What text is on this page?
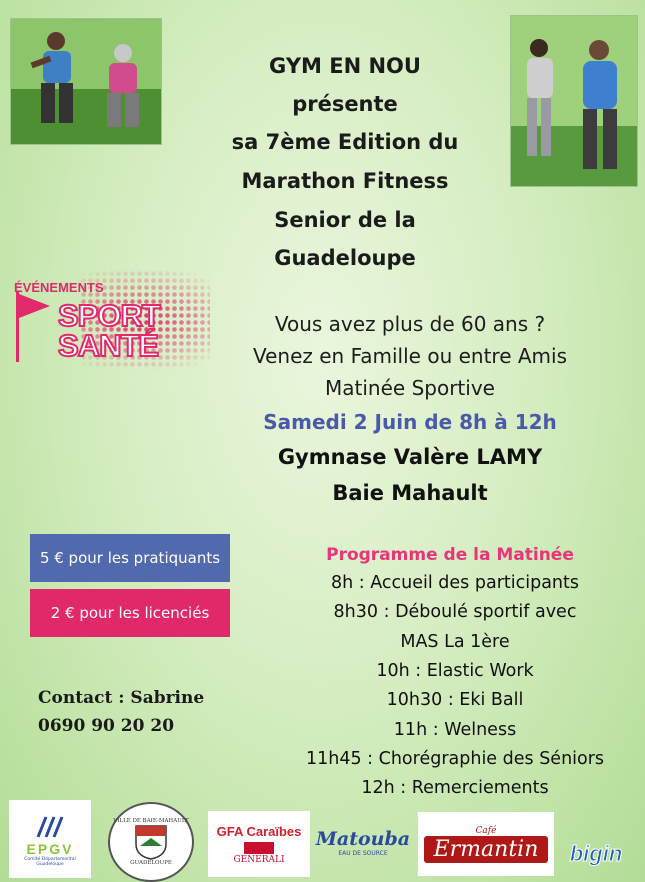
GYM EN NOU
présente
sa 7ème Edition du
Marathon Fitness
Senior de la
Guadeloupe
ÉVÉNEMENTS
SPORT
SANTÉ
Vous avez plus de 60 ans ?
Venez en Famille ou entre Amis
Matinée Sportive
Samedi 2 Juin de 8h à 12h
Gymnase Valère LAMY
Baie Mahault
5 € pour les pratiquants
2 € pour les licenciés
Contact : Sabrine
0690 90 20 20
Programme de la Matinée
8h : Accueil des participants
8h30 : Déboulé sportif avec
MAS La 1ère
10h : Elastic Work
10h30 : Eki Ball
11h : Welness
11h45 : Chorégraphie des Séniors
12h : Remerciements
EPGV
Comité Départemental Guadeloupe
VILLE DE BAIE-MAHAULT
GUADELOUPE
GFA Caraïbes
GENERALI
Matouba
EAU DE SOURCE
Café
Ermantin	bigin
